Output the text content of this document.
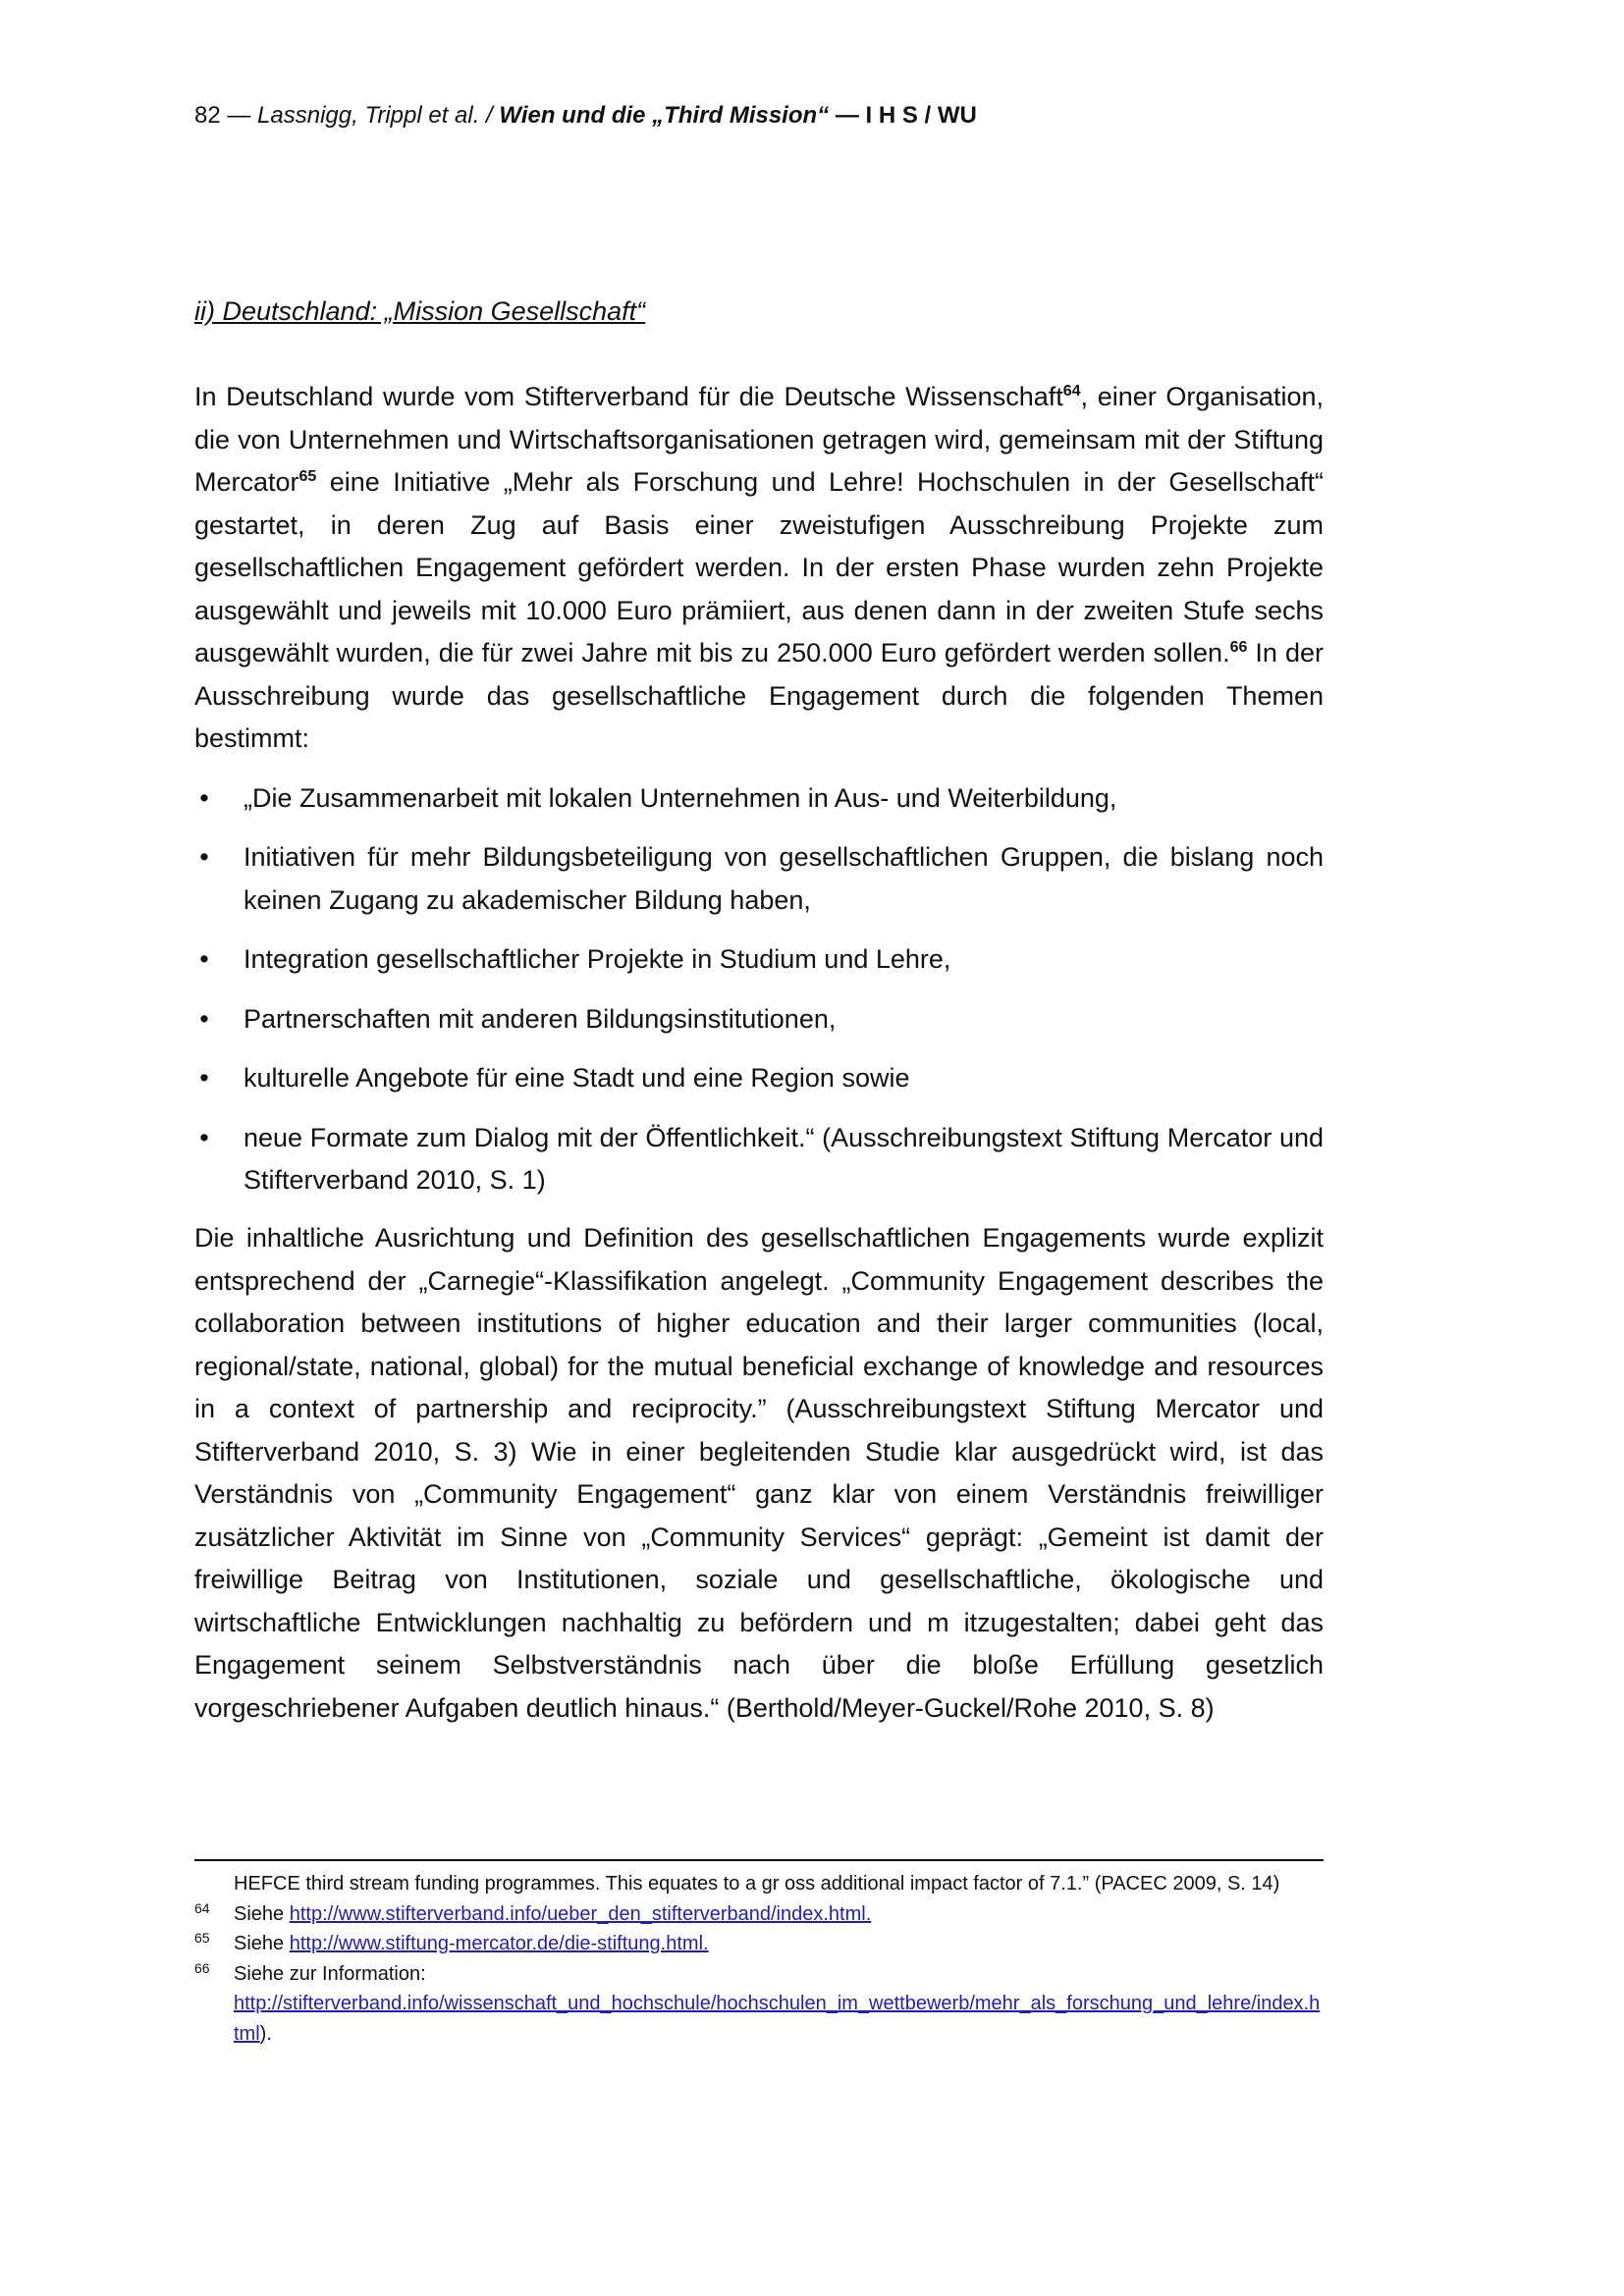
82 — Lassnigg, Trippl et al. / Wien und die „Third Mission“ — I H S / WU
ii) Deutschland: „Mission Gesellschaft“

In Deutschland wurde vom Stifterverband für die Deutsche Wissenschaft$^{64}$, einer Organisation, die von Unternehmen und Wirtschaftsorganisationen getragen wird, gemeinsam mit der Stiftung Mercator$^{65}$ eine Initiative „Mehr als Forschung und Lehre! Hochschulen in der Gesellschaft“ gestartet, in deren Zug auf Basis einer zweistufigen Ausschreibung Projekte zum gesellschaftlichen Engagement gefördert werden. In der ersten Phase wurden zehn Projekte ausgewählt und jeweils mit 10.000 Euro prämiiert, aus denen dann in der zweiten Stufe sechs ausgewählt wurden, die für zwei Jahre mit bis zu 250.000 Euro gefördert werden sollen.$^{66}$ In der Ausschreibung wurde das gesellschaftliche Engagement durch die folgenden Themen bestimmt:

• „Die Zusammenarbeit mit lokalen Unternehmen in Aus- und Weiterbildung,
• Initiativen für mehr Bildungsbeteiligung von gesellschaftlichen Gruppen, die bislang noch keinen Zugang zu akademischer Bildung haben,
• Integration gesellschaftlicher Projekte in Studium und Lehre,
• Partnerschaften mit anderen Bildungsinstitutionen,
• kulturelle Angebote für eine Stadt und eine Region sowie
• neue Formate zum Dialog mit der Öffentlichkeit.“ (Ausschreibungstext Stiftung Mercator und Stifterverband 2010, S. 1)

Die inhaltliche Ausrichtung und Definition des gesellschaftlichen Engagements wurde explizit entsprechend der „Carnegie“-Klassifikation angelegt. „Community Engagement describes the collaboration between institutions of higher education and their larger communities (local, regional/state, national, global) for the mutual beneficial exchange of knowledge and resources in a context of partnership and reciprocity.” (Ausschreibungstext Stiftung Mercator und Stifterverband 2010, S. 3) Wie in einer begleitenden Studie klar ausgedrückt wird, ist das Verständnis von „Community Engagement“ ganz klar von einem Verständnis freiwilliger zusätzlicher Aktivität im Sinne von „Community Services“ geprägt: „Gemeint ist damit der freiwillige Beitrag von Institutionen, soziale und gesellschaftliche, ökologische und wirtschaftliche Entwicklungen nachhaltig zu befördern und m itzugestalten; dabei geht das Engagement seinem Selbstverständnis nach über die bloße Erfüllung gesetzlich vorgeschriebener Aufgaben deutlich hinaus.“ (Berthold/Meyer-Guckel/Rohe 2010, S. 8)

HEFCE third stream funding programmes. This equates to a gr oss additional impact factor of 7.1.” (PACEC 2009, S. 14)
64 Siehe http://www.stifterverband.info/ueber_den_stifterverband/index.html.
65 Siehe http://www.stiftung-mercator.de/die-stiftung.html.
66 Siehe zur Information:
http://stifterverband.info/wissenschaft_und_hochschule/hochschulen_im_wettbewerb/mehr_als_forschung_und_lehre/index.html).
